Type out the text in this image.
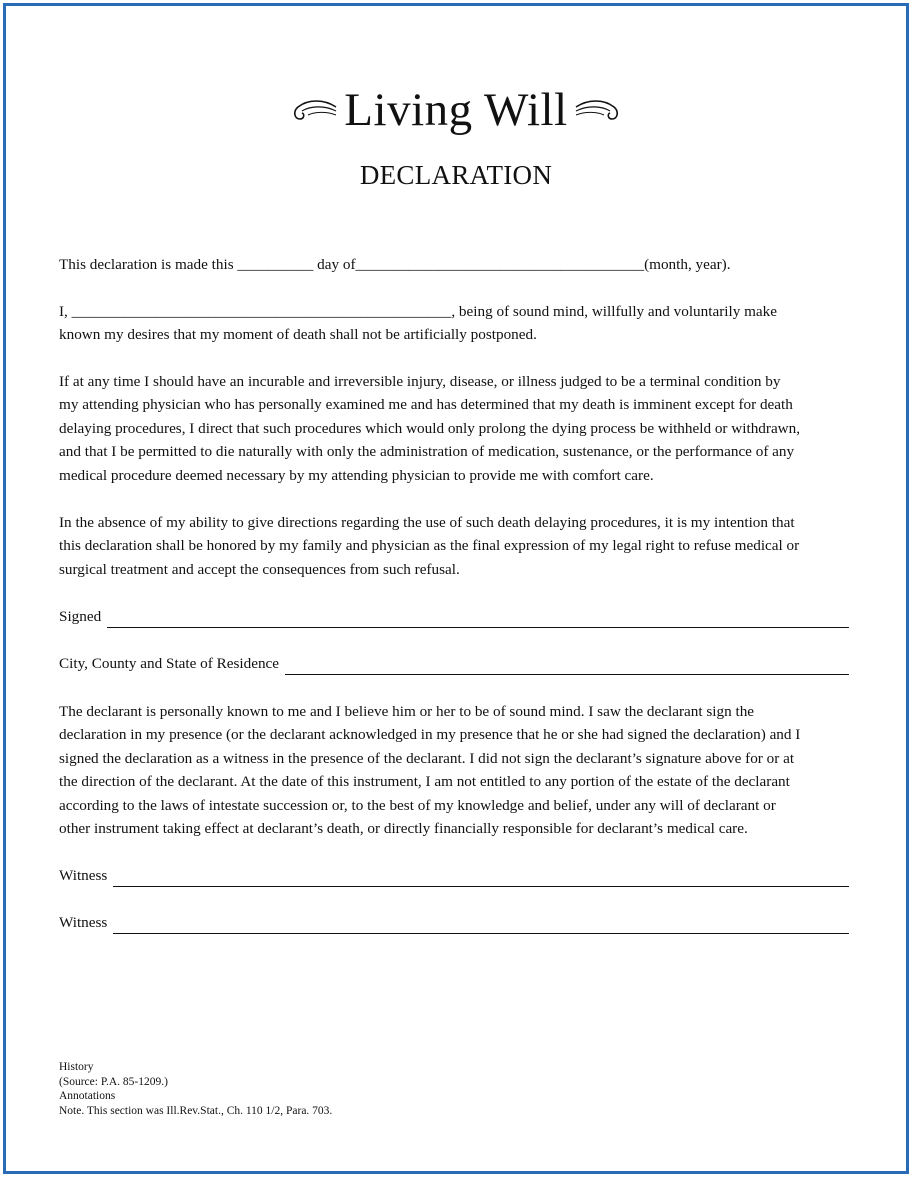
Living Will
DECLARATION

This declaration is made this __________ day of______________________________________(month, year).

I, __________________________________________________, being of sound mind, willfully and voluntarily make
known my desires that my moment of death shall not be artificially postponed.

If at any time I should have an incurable and irreversible injury, disease, or illness judged to be a terminal condition by
my attending physician who has personally examined me and has determined that my death is imminent except for death
delaying procedures, I direct that such procedures which would only prolong the dying process be withheld or withdrawn,
and that I be permitted to die naturally with only the administration of medication, sustenance, or the performance of any
medical procedure deemed necessary by my attending physician to provide me with comfort care.

In the absence of my ability to give directions regarding the use of such death delaying procedures, it is my intention that
this declaration shall be honored by my family and physician as the final expression of my legal right to refuse medical or
surgical treatment and accept the consequences from such refusal.

Signed
City, County and State of Residence

The declarant is personally known to me and I believe him or her to be of sound mind. I saw the declarant sign the
declaration in my presence (or the declarant acknowledged in my presence that he or she had signed the declaration) and I
signed the declaration as a witness in the presence of the declarant. I did not sign the declarant’s signature above for or at
the direction of the declarant. At the date of this instrument, I am not entitled to any portion of the estate of the declarant
according to the laws of intestate succession or, to the best of my knowledge and belief, under any will of declarant or
other instrument taking effect at declarant’s death, or directly financially responsible for declarant’s medical care.

Witness
Witness
History
(Source: P.A. 85-1209.)
Annotations
Note. This section was Ill.Rev.Stat., Ch. 110 1/2, Para. 703.
